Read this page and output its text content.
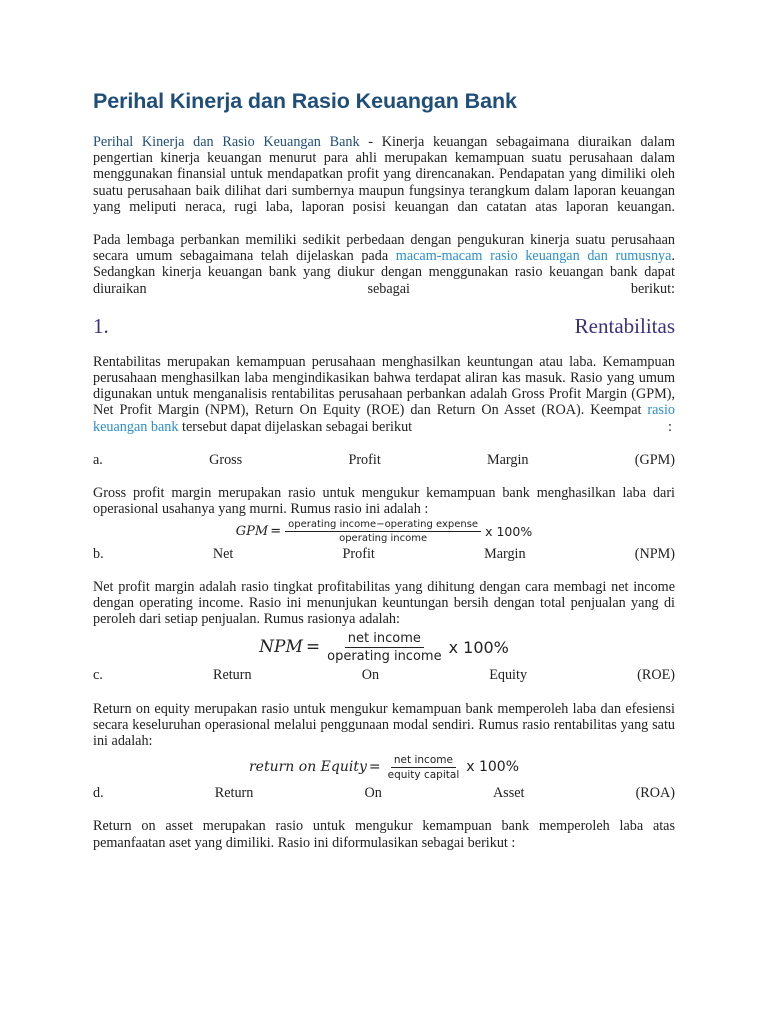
Perihal Kinerja dan Rasio Keuangan Bank

Perihal Kinerja dan Rasio Keuangan Bank - Kinerja keuangan sebagaimana diuraikan dalam pengertian kinerja keuangan menurut para ahli merupakan kemampuan suatu perusahaan dalam menggunakan finansial untuk mendapatkan profit yang direncanakan. Pendapatan yang dimiliki oleh suatu perusahaan baik dilihat dari sumbernya maupun fungsinya terangkum dalam laporan keuangan yang meliputi neraca, rugi laba, laporan posisi keuangan dan catatan atas laporan keuangan.

Pada lembaga perbankan memiliki sedikit perbedaan dengan pengukuran kinerja suatu perusahaan secara umum sebagaimana telah dijelaskan pada macam-macam rasio keuangan dan rumusnya. Sedangkan kinerja keuangan bank yang diukur dengan menggunakan rasio keuangan bank dapat diuraikan sebagai berikut:

1.	Rentabilitas

Rentabilitas merupakan kemampuan perusahaan menghasilkan keuntungan atau laba. Kemampuan perusahaan menghasilkan laba mengindikasikan bahwa terdapat aliran kas masuk. Rasio yang umum digunakan untuk menganalisis rentabilitas perusahaan perbankan adalah Gross Profit Margin (GPM), Net Profit Margin (NPM), Return On Equity (ROE) dan Return On Asset (ROA). Keempat rasio keuangan bank tersebut dapat dijelaskan sebagai berikut	:
a.	Gross	Profit	Margin	(GPM)

Gross profit margin merupakan rasio untuk mengukur kemampuan bank menghasilkan laba dari operasional usahanya yang murni. Rumus rasio ini adalah :

GPM = $\frac{\text{operating income−operating expense}}{\text{operating income}}$ x 100%
b.	Net	Profit	Margin	(NPM)

Net profit margin adalah rasio tingkat profitabilitas yang dihitung dengan cara membagi net income dengan operating income. Rasio ini menunjukan keuntungan bersih dengan total penjualan yang di peroleh dari setiap penjualan. Rumus rasionya adalah:

NPM = $\frac{\text{net income}}{\text{operating income}}$ x 100%
c.	Return	On	Equity	(ROE)

Return on equity merupakan rasio untuk mengukur kemampuan bank memperoleh laba dan efesiensi secara keseluruhan operasional melalui penggunaan modal sendiri. Rumus rasio rentabilitas yang satu ini adalah:

return on Equity = $\frac{\text{net income}}{\text{equity capital}}$ x 100%
d.	Return	On	Asset	(ROA)

Return on asset merupakan rasio untuk mengukur kemampuan bank memperoleh laba atas pemanfaatan aset yang dimiliki. Rasio ini diformulasikan sebagai berikut :
